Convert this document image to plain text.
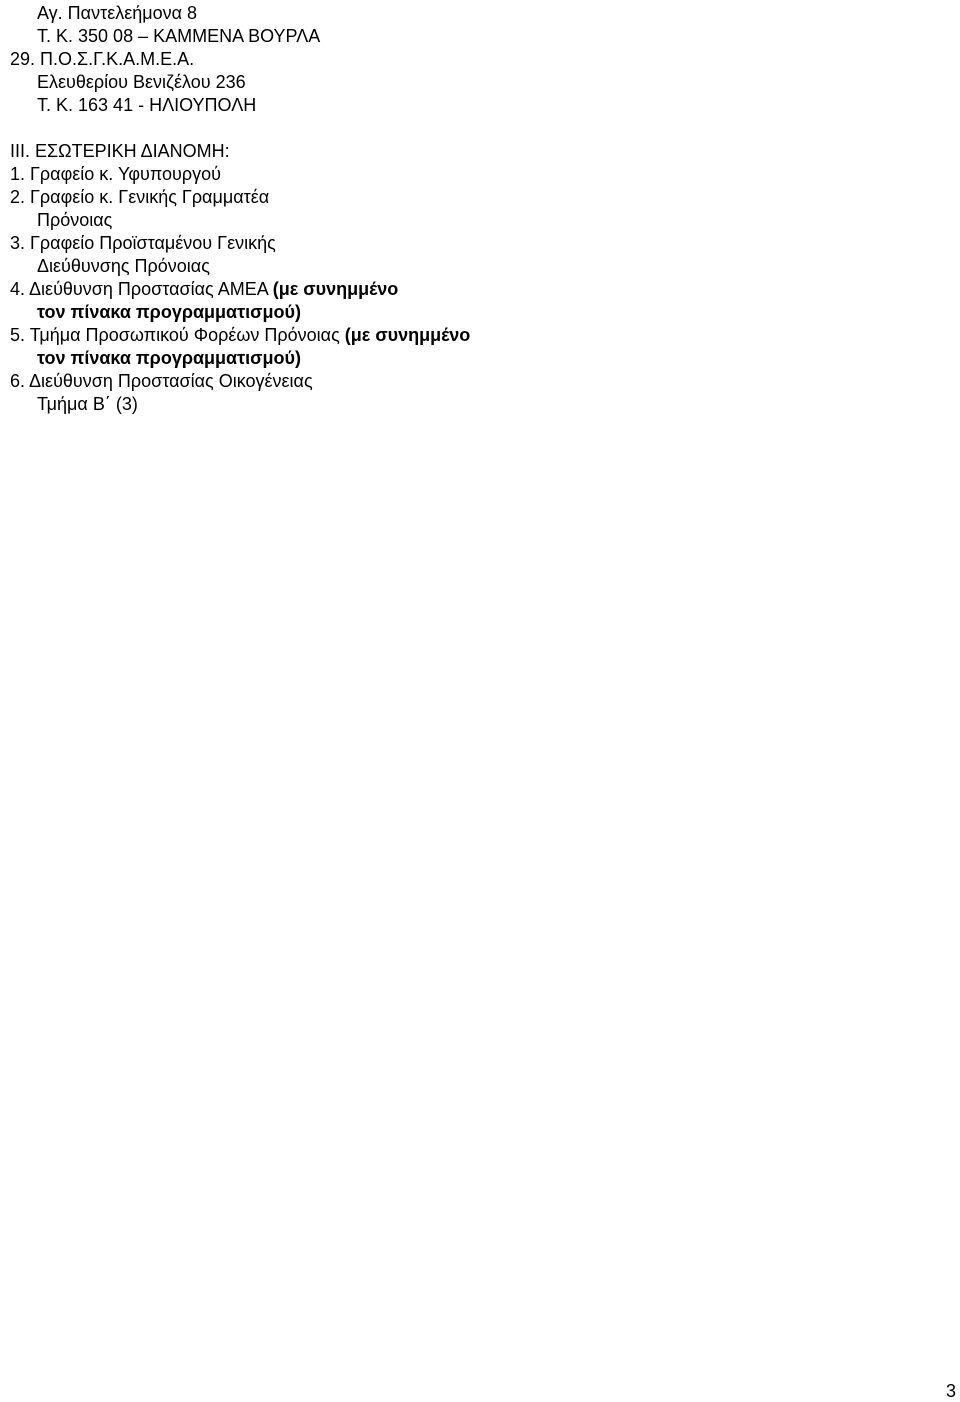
Αγ. Παντελεήμονα 8
Τ. Κ. 350 08 – ΚΑΜΜΕΝΑ ΒΟΥΡΛΑ
29. Π.Ο.Σ.Γ.Κ.Α.Μ.Ε.Α.
Ελευθερίου Βενιζέλου 236
Τ. Κ. 163 41 - ΗΛΙΟΥΠΟΛΗ
ΙΙΙ. ΕΣΩΤΕΡΙΚΗ ΔΙΑΝΟΜΗ:
1. Γραφείο κ. Υφυπουργού
2. Γραφείο κ. Γενικής Γραμματέα
Πρόνοιας
3. Γραφείο Προϊσταμένου Γενικής
Διεύθυνσης Πρόνοιας
4. Διεύθυνση Προστασίας ΑΜΕΑ (με συνημμένο
τον πίνακα προγραμματισμού)
5. Τμήμα Προσωπικού Φορέων Πρόνοιας (με συνημμένο
τον πίνακα προγραμματισμού)
6. Διεύθυνση Προστασίας Οικογένειας
Τμήμα Β΄ (3)
3
